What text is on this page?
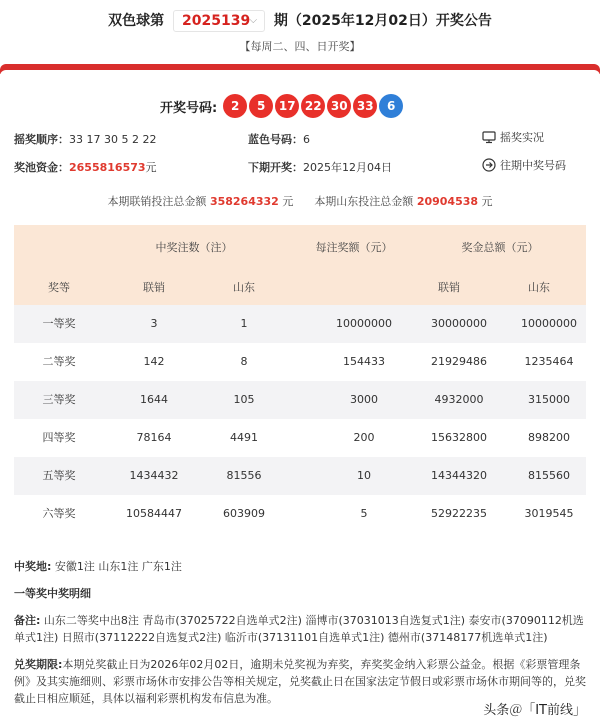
双色球第 2025139 ⌵ 期（2025年12月02日）开奖公告
【每周二、四、日开奖】
开奖号码:	2	5	17 22 30 33	6
摇奖顺序：33 17 30 5 2 22	蓝色号码：6	摇奖实况
奖池资金：2655816573元	下期开奖：2025年12月04日	往期中奖号码
本期联销投注总金额 358264332 元 本期山东投注总金额 20904538 元
中奖注数（注）	每注奖额（元）	奖金总额（元）
奖等	联销	山东	联销	山东
一等奖	3	1	10000000	30000000	10000000
二等奖	142	8	154433	21929486	1235464
三等奖	1644	105	3000	4932000	315000
四等奖	78164	4491	200	15632800	898200
五等奖	1434432	81556	10	14344320	815560
六等奖	10584447	603909	5	52922235	3019545
中奖地: 安徽1注 山东1注 广东1注
一等奖中奖明细
备注: 山东二等奖中出8注 青岛市(37025722自选单式2注) 淄博市(37031013自选复式1注) 泰安市(37090112机选单式1注) 日照市(37112222自选复式2注) 临沂市(37131101自选单式1注) 德州市(37148177机选单式1注)
兑奖期限:本期兑奖截止日为2026年02月02日，逾期未兑奖视为弃奖，弃奖奖金纳入彩票公益金。根据《彩票管理条例》及其实施细则、彩票市场休市安排公告等相关规定，兑奖截止日在国家法定节假日或彩票市场休市期间等的，兑奖截止日相应顺延，具体以福利彩票机构发布信息为准。
头条＠「IT前线」
